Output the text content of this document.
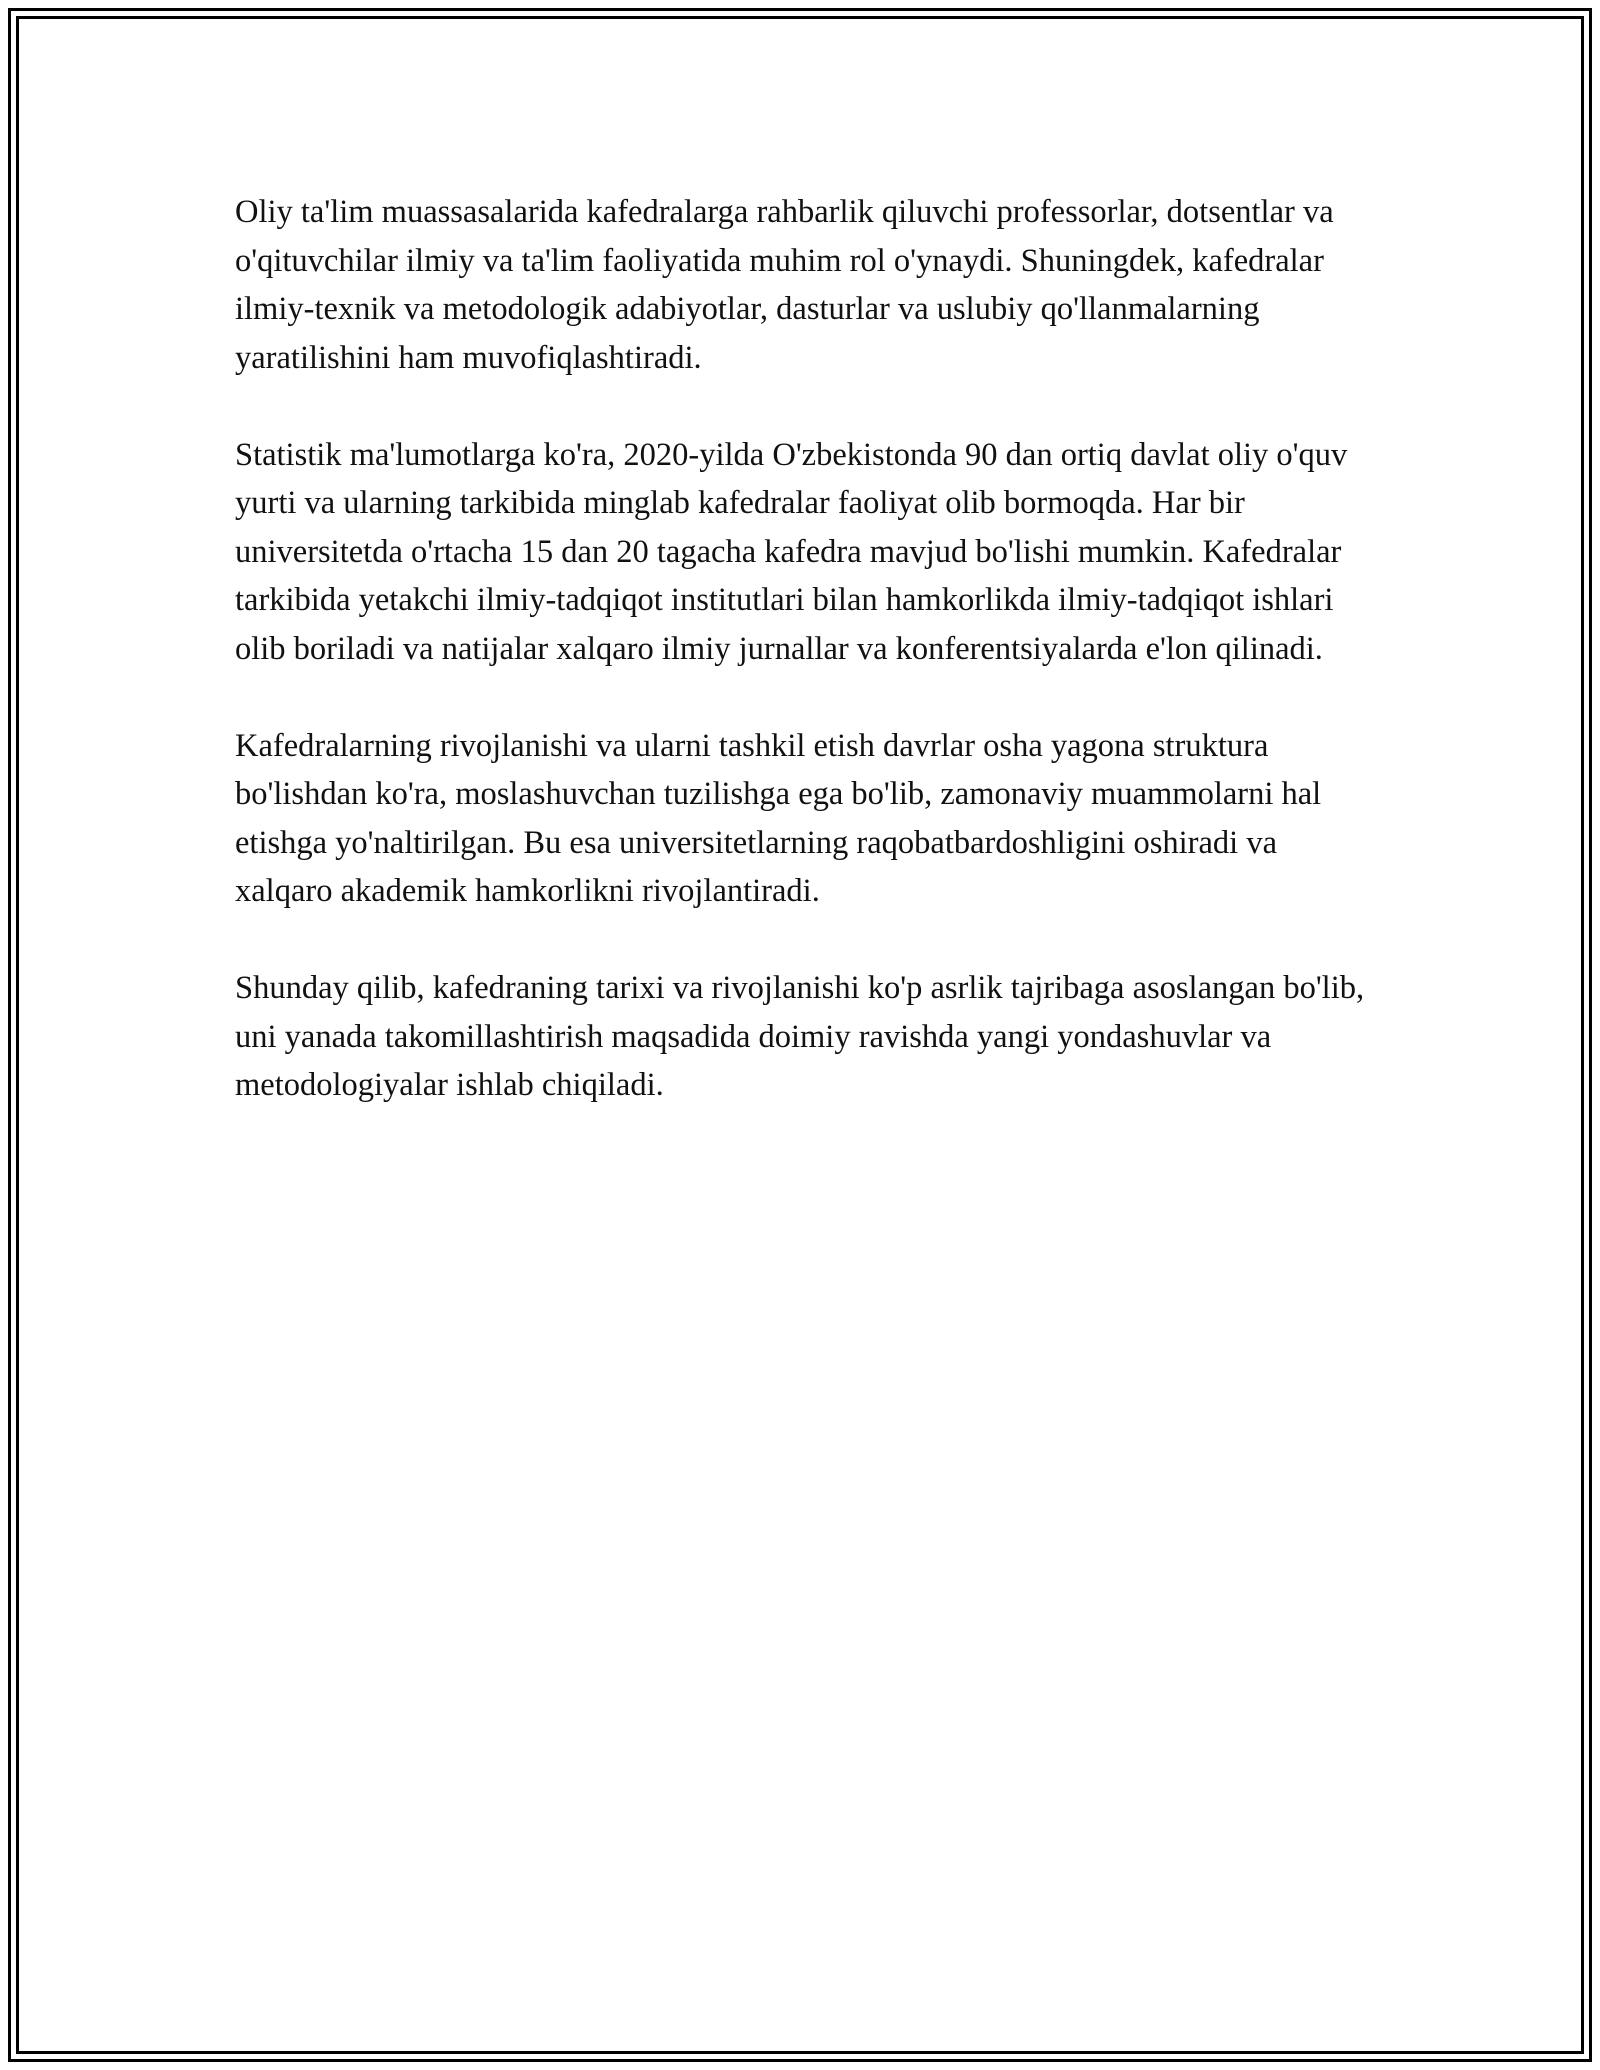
Oliy ta'lim muassasalarida kafedralarga rahbarlik qiluvchi professorlar, dotsentlar va o'qituvchilar ilmiy va ta'lim faoliyatida muhim rol o'ynaydi. Shuningdek, kafedralar ilmiy-texnik va metodologik adabiyotlar, dasturlar va uslubiy qo'llanmalarning yaratilishini ham muvofiqlashtiradi.

Statistik ma'lumotlarga ko'ra, 2020-yilda O'zbekistonda 90 dan ortiq davlat oliy o'quv yurti va ularning tarkibida minglab kafedralar faoliyat olib bormoqda. Har bir universitetda o'rtacha 15 dan 20 tagacha kafedra mavjud bo'lishi mumkin. Kafedralar tarkibida yetakchi ilmiy-tadqiqot institutlari bilan hamkorlikda ilmiy-tadqiqot ishlari olib boriladi va natijalar xalqaro ilmiy jurnallar va konferentsiyalarda e'lon qilinadi.

Kafedralarning rivojlanishi va ularni tashkil etish davrlar osha yagona struktura bo'lishdan ko'ra, moslashuvchan tuzilishga ega bo'lib, zamonaviy muammolarni hal etishga yo'naltirilgan. Bu esa universitetlarning raqobatbardoshligini oshiradi va xalqaro akademik hamkorlikni rivojlantiradi.

Shunday qilib, kafedraning tarixi va rivojlanishi ko'p asrlik tajribaga asoslangan bo'lib, uni yanada takomillashtirish maqsadida doimiy ravishda yangi yondashuvlar va metodologiyalar ishlab chiqiladi.
